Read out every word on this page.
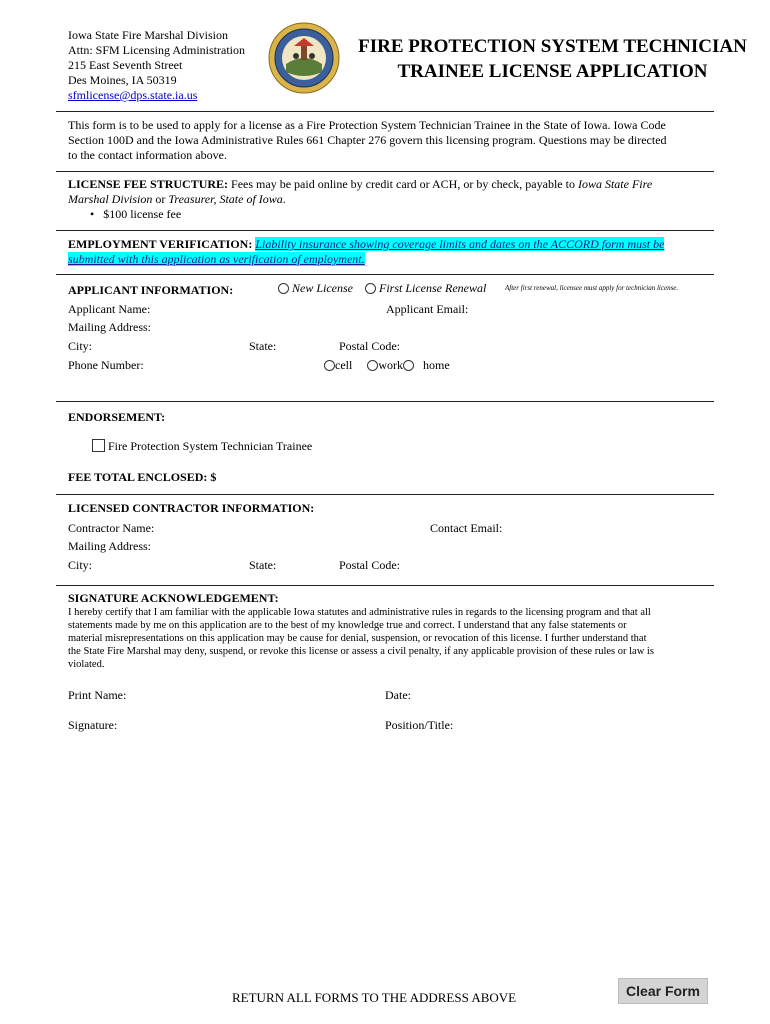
Iowa State Fire Marshal Division
Attn: SFM Licensing Administration
215 East Seventh Street
Des Moines, IA 50319
sfmlicense@dps.state.ia.us
FIRE PROTECTION SYSTEM TECHNICIAN
TRAINEE LICENSE APPLICATION
This form is to be used to apply for a license as a Fire Protection System Technician Trainee in the State of Iowa. Iowa Code
Section 100D and the Iowa Administrative Rules 661 Chapter 276 govern this licensing program. Questions may be directed
to the contact information above.
LICENSE FEE STRUCTURE: Fees may be paid online by credit card or ACH, or by check, payable to Iowa State Fire
Marshal Division or Treasurer, State of Iowa.
• $100 license fee
EMPLOYMENT VERIFICATION: Liability insurance showing coverage limits and dates on the ACCORD form must be
submitted with this application as verification of employment.
APPLICANT INFORMATION:	New License First License Renewal	After first renewal, licensee must apply for technician license.
Applicant Name:	Applicant Email:
Mailing Address:
City:	State:	Postal Code:
Phone Number:	cell work home
ENDORSEMENT:
Fire Protection System Technician Trainee
FEE TOTAL ENCLOSED: $
LICENSED CONTRACTOR INFORMATION:
Contractor Name:	Contact Email:
Mailing Address:
City:	State:	Postal Code:
SIGNATURE ACKNOWLEDGEMENT:
I hereby certify that I am familiar with the applicable Iowa statutes and administrative rules in regards to the licensing program and that all
statements made by me on this application are to the best of my knowledge true and correct. I understand that any false statements or
material misrepresentations on this application may be cause for denial, suspension, or revocation of this license. I further understand that
the State Fire Marshal may deny, suspend, or revoke this license or assess a civil penalty, if any applicable provision of these rules or law is
violated.
Print Name:	Date:
Signature:	Position/Title:
RETURN ALL FORMS TO THE ADDRESS ABOVE	Clear Form
